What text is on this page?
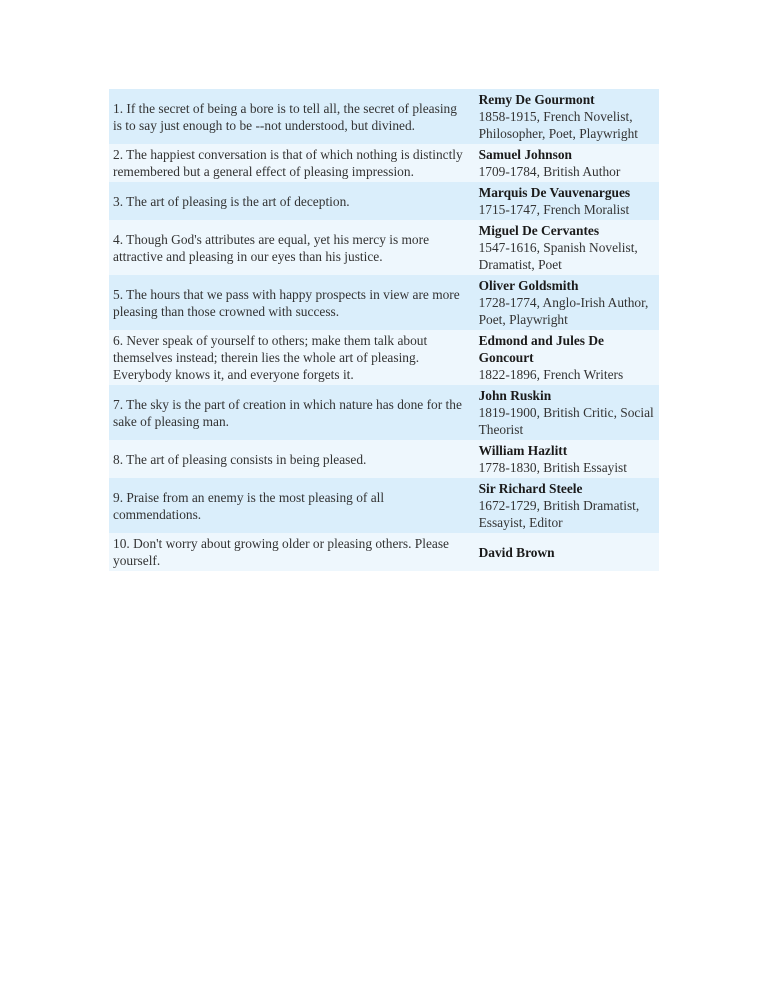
1. If the secret of being a bore is to tell all, the secret of pleasing is to say just enough to be --not understood, but divined.	Remy De Gourmont
1858-1915, French Novelist, Philosopher, Poet, Playwright

2. The happiest conversation is that of which nothing is distinctly remembered but a general effect of pleasing impression.	Samuel Johnson
1709-1784, British Author

3. The art of pleasing is the art of deception.	Marquis De Vauvenargues
1715-1747, French Moralist

4. Though God's attributes are equal, yet his mercy is more attractive and pleasing in our eyes than his justice.	Miguel De Cervantes
1547-1616, Spanish Novelist, Dramatist, Poet

5. The hours that we pass with happy prospects in view are more pleasing than those crowned with success.	Oliver Goldsmith
1728-1774, Anglo-Irish Author, Poet, Playwright

6. Never speak of yourself to others; make them talk about themselves instead; therein lies the whole art of pleasing. Everybody knows it, and everyone forgets it.	Edmond and Jules De Goncourt
1822-1896, French Writers

7. The sky is the part of creation in which nature has done for the sake of pleasing man.	John Ruskin
1819-1900, British Critic, Social Theorist

8. The art of pleasing consists in being pleased.	William Hazlitt
1778-1830, British Essayist

9. Praise from an enemy is the most pleasing of all commendations.	Sir Richard Steele
1672-1729, British Dramatist, Essayist, Editor

10. Don't worry about growing older or pleasing others. Please yourself.	David Brown
